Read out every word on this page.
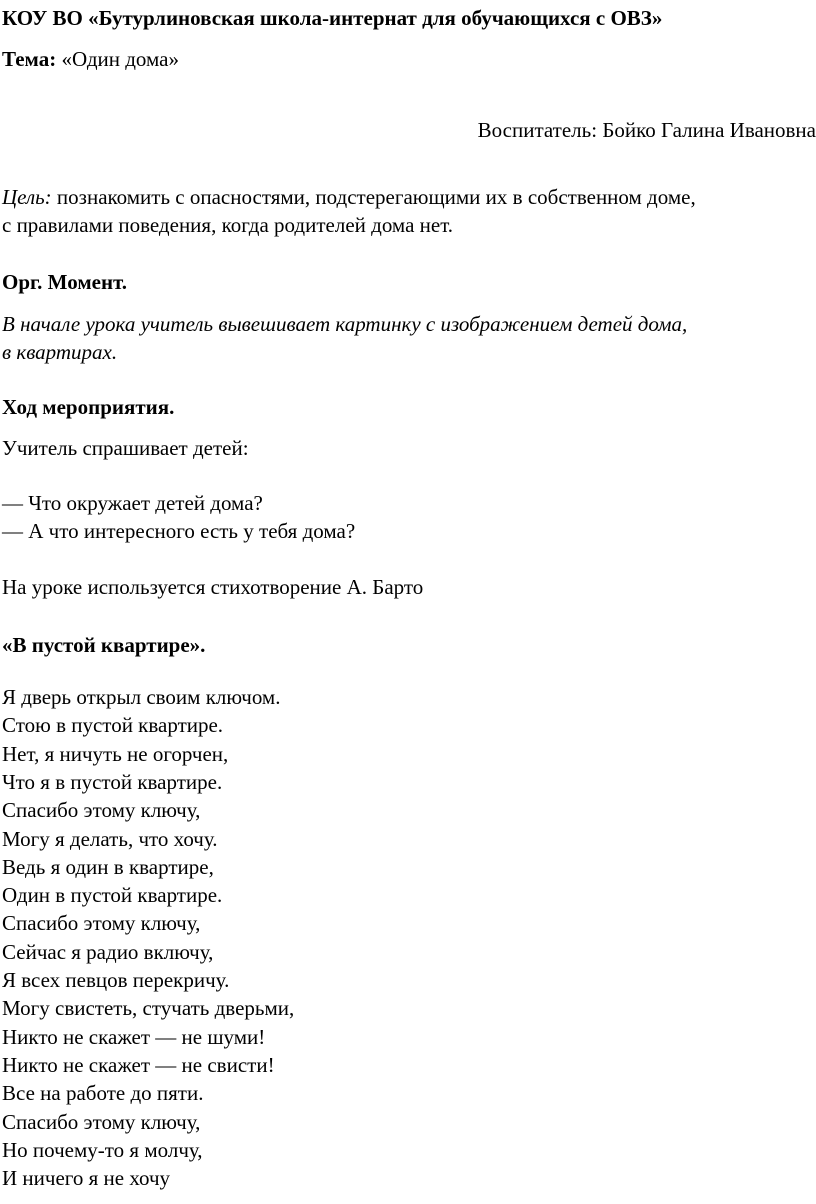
КОУ ВО «Бутурлиновская школа-интернат для обучающихся с ОВЗ»
Тема: «Один дома»
Воспитатель: Бойко Галина Ивановна
Цель: познакомить с опасностями, подстерегающими их в собственном доме,
с правилами поведения, когда родителей дома нет.
Орг. Момент.
В начале урока учитель вывешивает картинку с изображением детей дома,
в квартирах.
Ход мероприятия.
Учитель спрашивает детей:
— Что окружает детей дома?
— А что интересного есть у тебя дома?
На уроке используется стихотворение А. Барто
«В пустой квартире».
Я дверь открыл своим ключом.
Стою в пустой квартире.
Нет, я ничуть не огорчен,
Что я в пустой квартире.
Спасибо этому ключу,
Могу я делать, что хочу.
Ведь я один в квартире,
Один в пустой квартире.
Спасибо этому ключу,
Сейчас я радио включу,
Я всех певцов перекричу.
Могу свистеть, стучать дверьми,
Никто не скажет — не шуми!
Никто не скажет — не свисти!
Все на работе до пяти.
Спасибо этому ключу,
Но почему-то я молчу,
И ничего я не хочу
